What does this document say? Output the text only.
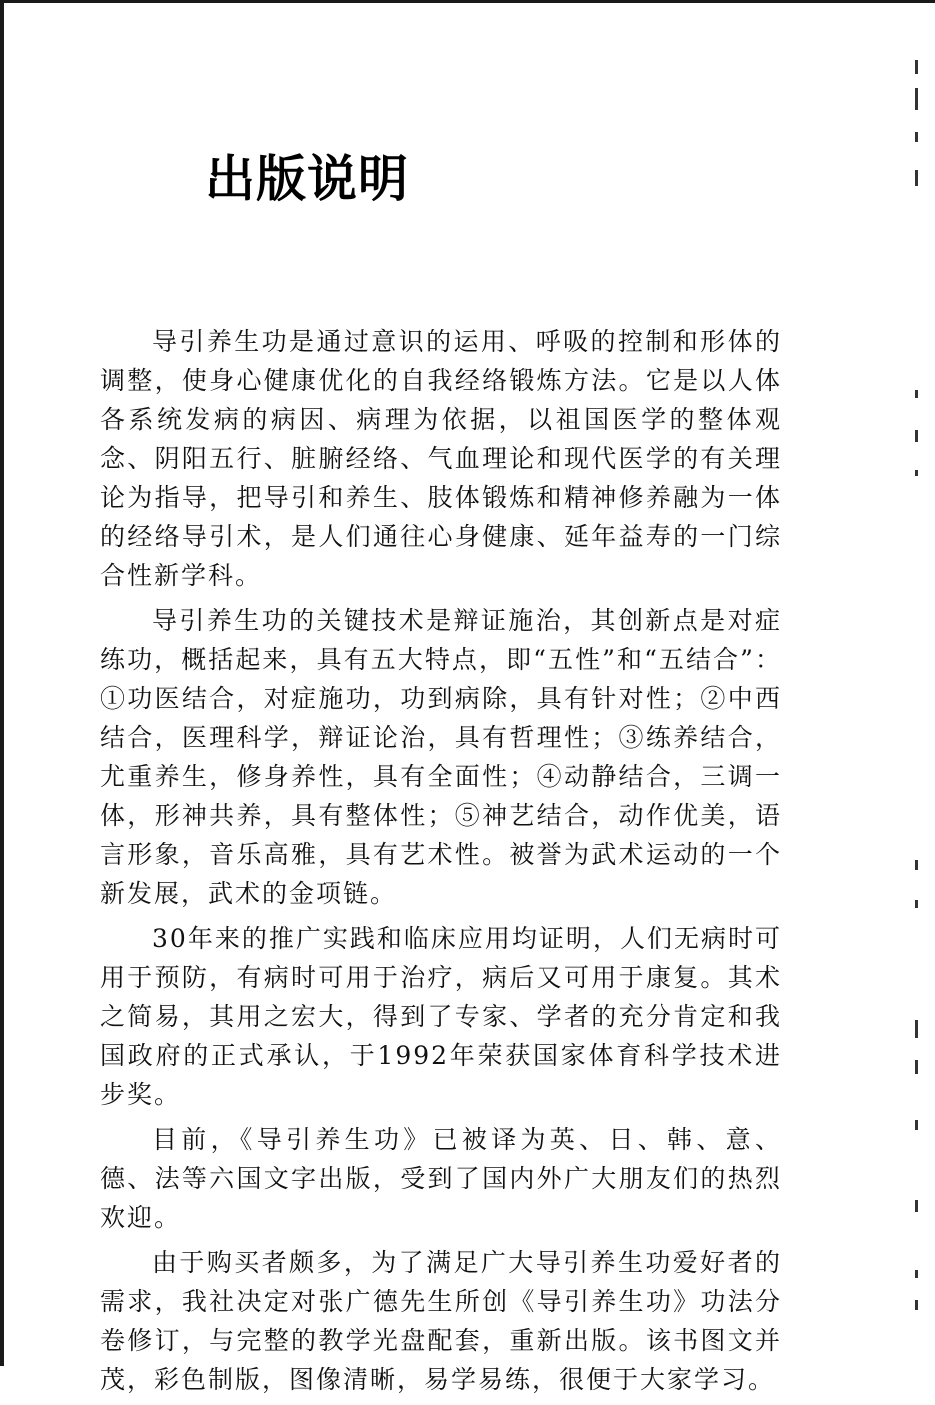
出版说明

导引养生功是通过意识的运用、呼吸的控制和形体的调整，使身心健康优化的自我经络锻炼方法。它是以人体各系统发病的病因、病理为依据，以祖国医学的整体观念、阴阳五行、脏腑经络、气血理论和现代医学的有关理论为指导，把导引和养生、肢体锻炼和精神修养融为一体的经络导引术，是人们通往心身健康、延年益寿的一门综合性新学科。

导引养生功的关键技术是辩证施治，其创新点是对症练功，概括起来，具有五大特点，即“五性”和“五结合”：①功医结合，对症施功，功到病除，具有针对性；②中西结合，医理科学，辩证论治，具有哲理性；③练养结合，尤重养生，修身养性，具有全面性；④动静结合，三调一体，形神共养，具有整体性；⑤神艺结合，动作优美，语言形象，音乐高雅，具有艺术性。被誉为武术运动的一个新发展，武术的金项链。

30年来的推广实践和临床应用均证明，人们无病时可用于预防，有病时可用于治疗，病后又可用于康复。其术之简易，其用之宏大，得到了专家、学者的充分肯定和我国政府的正式承认，于1992年荣获国家体育科学技术进步奖。

目前，《导引养生功》已被译为英、日、韩、意、德、法等六国文字出版，受到了国内外广大朋友们的热烈欢迎。

由于购买者颇多，为了满足广大导引养生功爱好者的需求，我社决定对张广德先生所创《导引养生功》功法分卷修订，与完整的教学光盘配套，重新出版。该书图文并茂，彩色制版，图像清晰，易学易练，很便于大家学习。
